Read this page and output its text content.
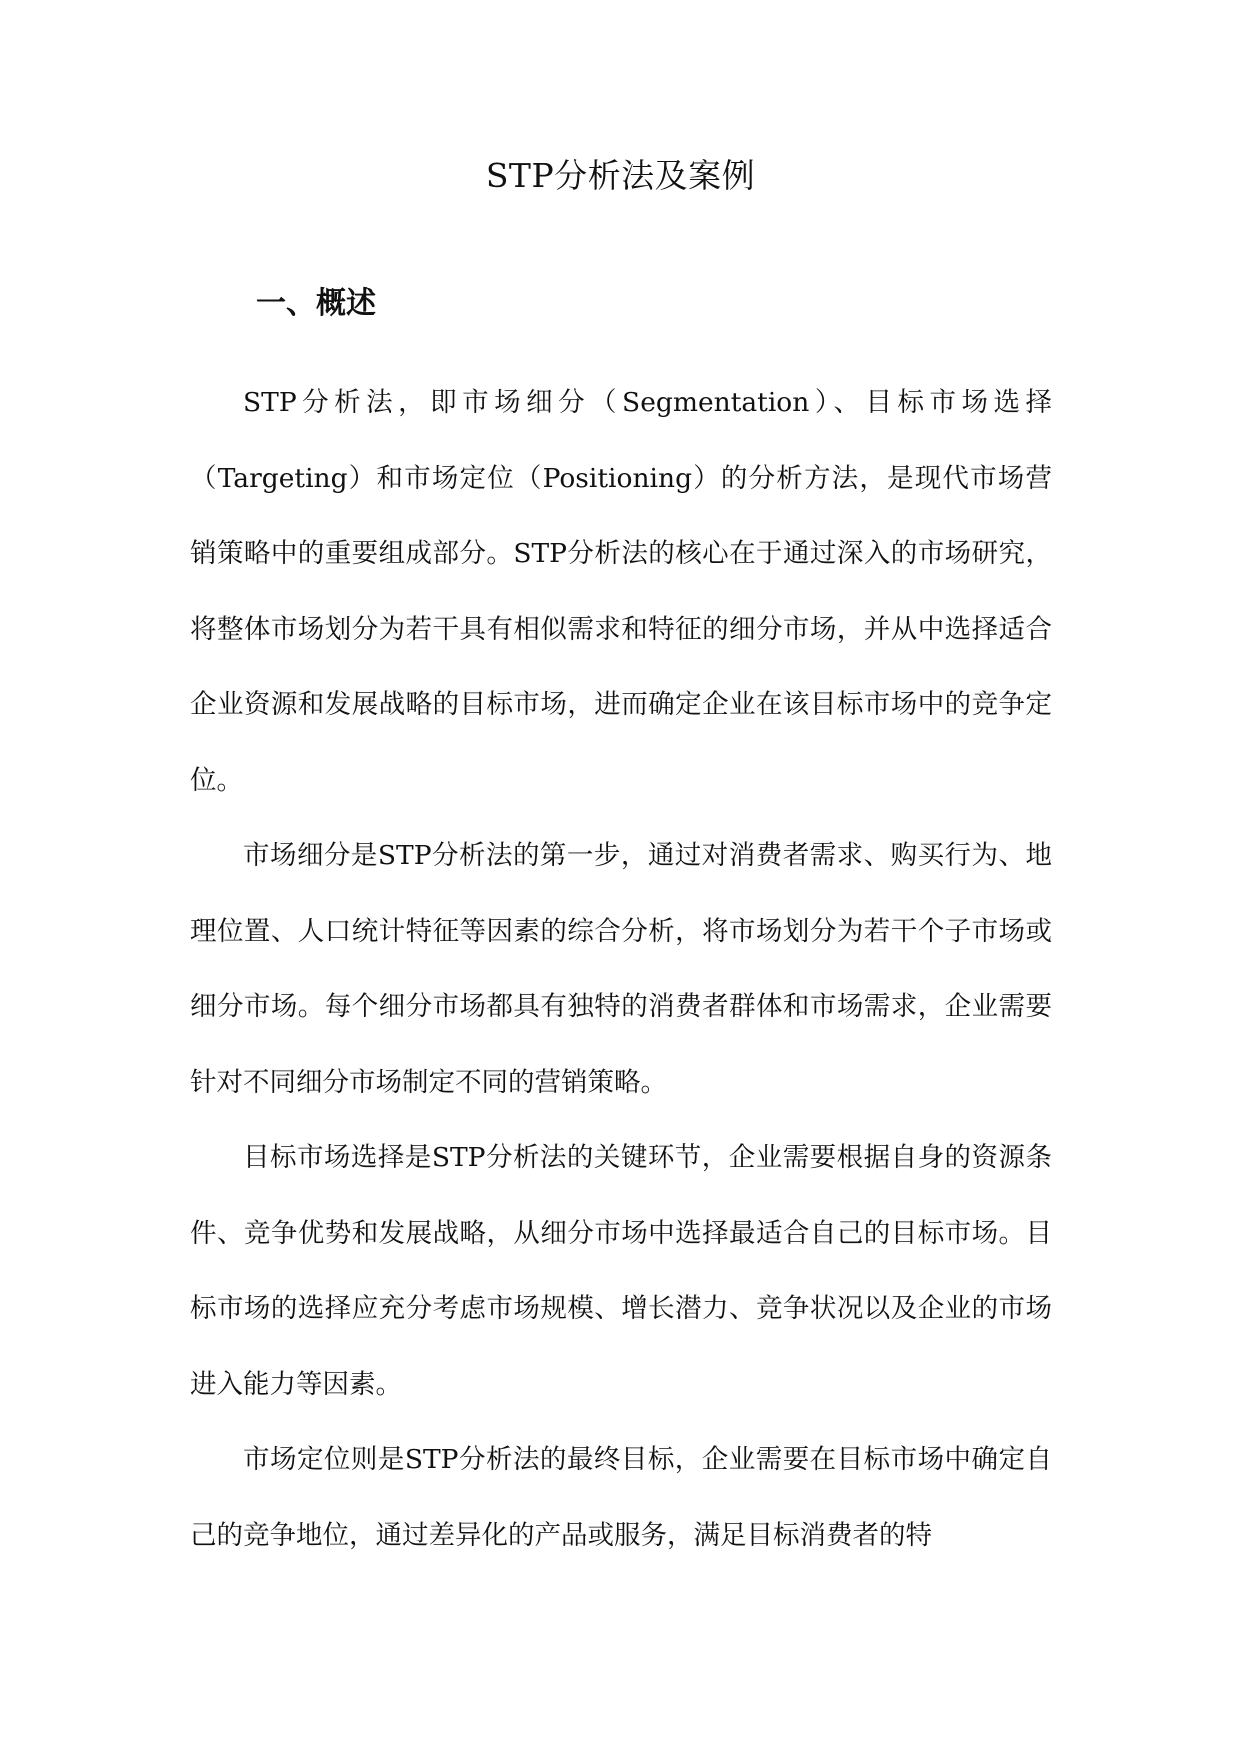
STP分析法及案例
一、概述

STP分析法，即市场细分（Segmentation）、目标市场选择（Targeting）和市场定位（Positioning）的分析方法，是现代市场营销策略中的重要组成部分。STP分析法的核心在于通过深入的市场研究，将整体市场划分为若干具有相似需求和特征的细分市场，并从中选择适合企业资源和发展战略的目标市场，进而确定企业在该目标市场中的竞争定位。

市场细分是STP分析法的第一步，通过对消费者需求、购买行为、地理位置、人口统计特征等因素的综合分析，将市场划分为若干个子市场或细分市场。每个细分市场都具有独特的消费者群体和市场需求，企业需要针对不同细分市场制定不同的营销策略。

目标市场选择是STP分析法的关键环节，企业需要根据自身的资源条件、竞争优势和发展战略，从细分市场中选择最适合自己的目标市场。目标市场的选择应充分考虑市场规模、增长潜力、竞争状况以及企业的市场进入能力等因素。

市场定位则是STP分析法的最终目标，企业需要在目标市场中确定自己的竞争地位，通过差异化的产品或服务，满足目标消费者的特
